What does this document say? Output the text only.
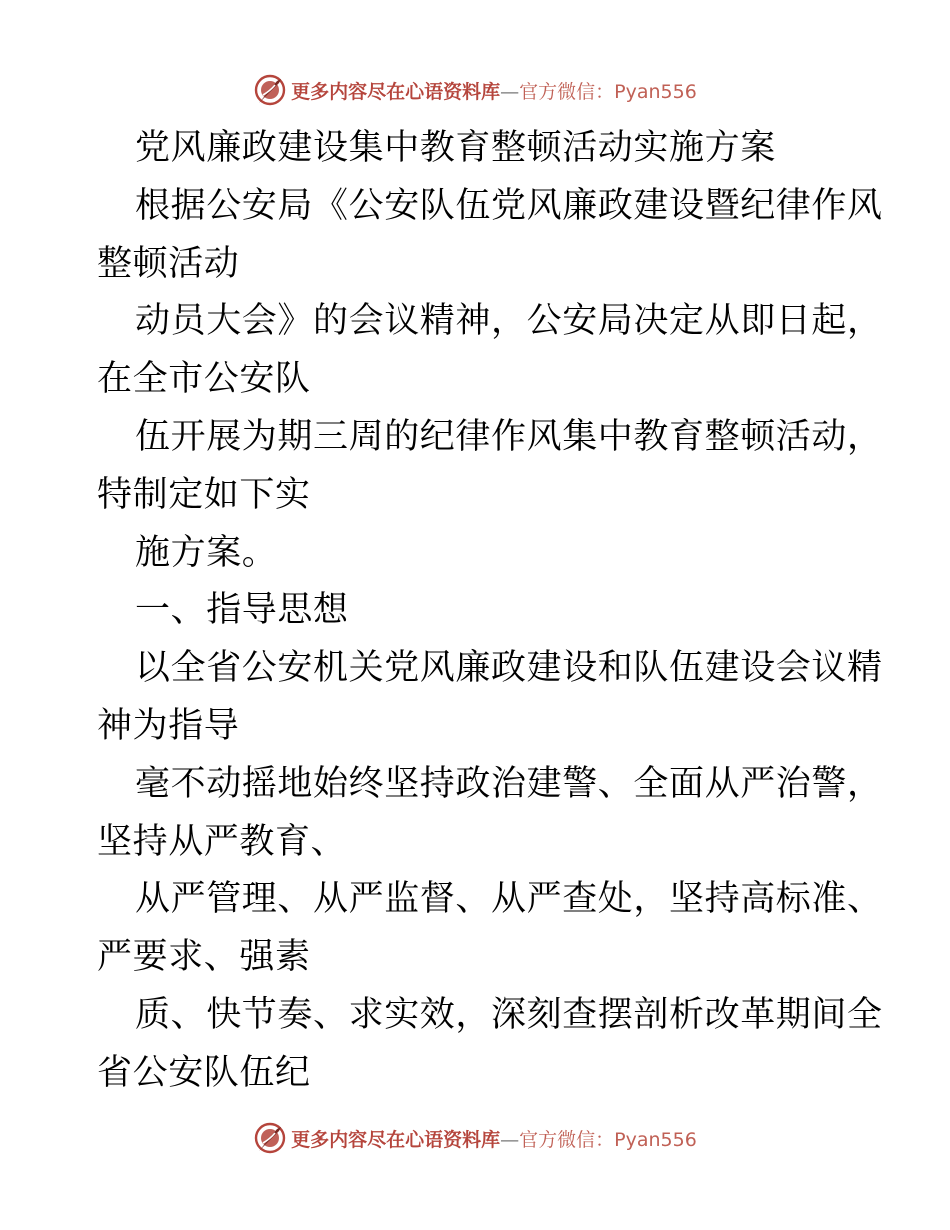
更多内容尽在心语资料库—官方微信：Pyan556
党风廉政建设集中教育整顿活动实施方案
根据公安局《公安队伍党风廉政建设暨纪律作风
整顿活动
动员大会》的会议精神，公安局决定从即日起，
在全市公安队
伍开展为期三周的纪律作风集中教育整顿活动，
特制定如下实
施方案。
一、指导思想
以全省公安机关党风廉政建设和队伍建设会议精
神为指导
毫不动摇地始终坚持政治建警、全面从严治警，
坚持从严教育、
从严管理、从严监督、从严查处，坚持高标准、
严要求、强素
质、快节奏、求实效，深刻查摆剖析改革期间全
省公安队伍纪
更多内容尽在心语资料库—官方微信：Pyan556
